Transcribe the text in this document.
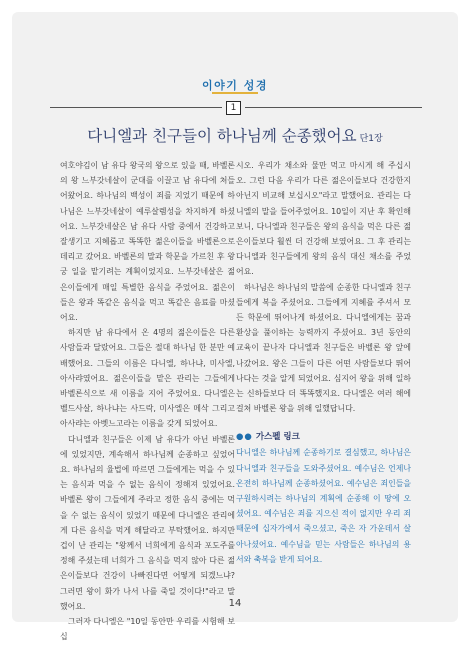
이야기 성경
1
다니엘과 친구들이 하나님께 순종했어요 단1장

여호야김이 남 유다 왕국의 왕으로 있을 때, 바벨론의 왕 느부갓네살이 군대를 이끌고 남 유다에 쳐들어왔어요. 하나님의 백성이 죄를 지었기 때문에 하나님은 느부갓네살이 예루살렘성을 차지하게 하셨어요. 느부갓네살은 남 유다 사람 중에서 건강하고 잘생기고 지혜롭고 똑똑한 젊은이들을 바벨론으로 데리고 갔어요. 바벨론의 말과 학문을 가르친 후 왕궁 일을 맡기려는 계획이었지요. 느부갓네살은 젊은이들에게 매일 특별한 음식을 주었어요. 젊은이들은 왕과 똑같은 음식을 먹고 똑같은 음료를 마셨어요.

하지만 남 유다에서 온 4명의 젊은이들은 다른 사람들과 달랐어요. 그들은 절대 하나님 한 분만 예배했어요. 그들의 이름은 다니엘, 하나냐, 미사엘, 아사랴였어요. 젊은이들을 맡은 관리는 그들에게 바벨론식으로 새 이름을 지어 주었어요. 다니엘은 벨드사살, 하나냐는 사드락, 미사엘은 메삭 그리고 아사랴는 아벳느고라는 이름을 갖게 되었어요.

다니엘과 친구들은 이제 남 유다가 아닌 바벨론에 있었지만, 계속해서 하나님께 순종하고 싶었어요. 하나님의 율법에 따르면 그들에게는 먹을 수 있는 음식과 먹을 수 없는 음식이 정해져 있었어요. 바벨론 왕이 그들에게 주라고 정한 음식 중에는 먹을 수 없는 음식이 있었기 때문에 다니엘은 관리에게 다른 음식을 먹게 해달라고 부탁했어요. 하지만 겁이 난 관리는 "왕께서 너희에게 음식과 포도주를 정해 주셨는데 너희가 그 음식을 먹지 않아 다른 젊은이들보다 건강이 나빠진다면 어떻게 되겠느냐? 그러면 왕이 화가 나서 나를 죽일 것이다!"라고 말했어요.

그러자 다니엘은 "10일 동안만 우리를 시험해 보십

시오. 우리가 채소와 물만 먹고 마시게 해 주십시오. 그런 다음 우리가 다른 젊은이들보다 건강한지 아닌지 비교해 보십시오"라고 말했어요. 관리는 다니엘의 말을 들어주었어요. 10일이 지난 후 확인해 보니, 다니엘과 친구들은 왕의 음식을 먹은 다른 젊은이들보다 훨씬 더 건강해 보였어요. 그 후 관리는 다니엘과 친구들에게 왕의 음식 대신 채소를 주었어요.

하나님은 하나님의 말씀에 순종한 다니엘과 친구들에게 복을 주셨어요. 그들에게 지혜를 주셔서 모든 학문에 뛰어나게 하셨어요. 다니엘에게는 꿈과 환상을 풀이하는 능력까지 주셨어요. 3년 동안의 교육이 끝나자 다니엘과 친구들은 바벨론 왕 앞에 나갔어요. 왕은 그들이 다른 어떤 사람들보다 뛰어나다는 것을 알게 되었어요. 심지어 왕을 위해 일하는 신하들보다 더 똑똑했지요. 다니엘은 여러 해에 걸쳐 바벨론 왕을 위해 일했답니다.

●● 가스펠 링크

다니엘은 하나님께 순종하기로 결심했고, 하나님은 다니엘과 친구들을 도와주셨어요. 예수님은 언제나 온전히 하나님께 순종하셨어요. 예수님은 죄인들을 구원하시려는 하나님의 계획에 순종해 이 땅에 오셨어요. 예수님은 죄를 지으신 적이 없지만 우리 죄 때문에 십자가에서 죽으셨고, 죽은 자 가운데서 살아나셨어요. 예수님을 믿는 사람들은 하나님의 용서와 축복을 받게 되어요.

14
